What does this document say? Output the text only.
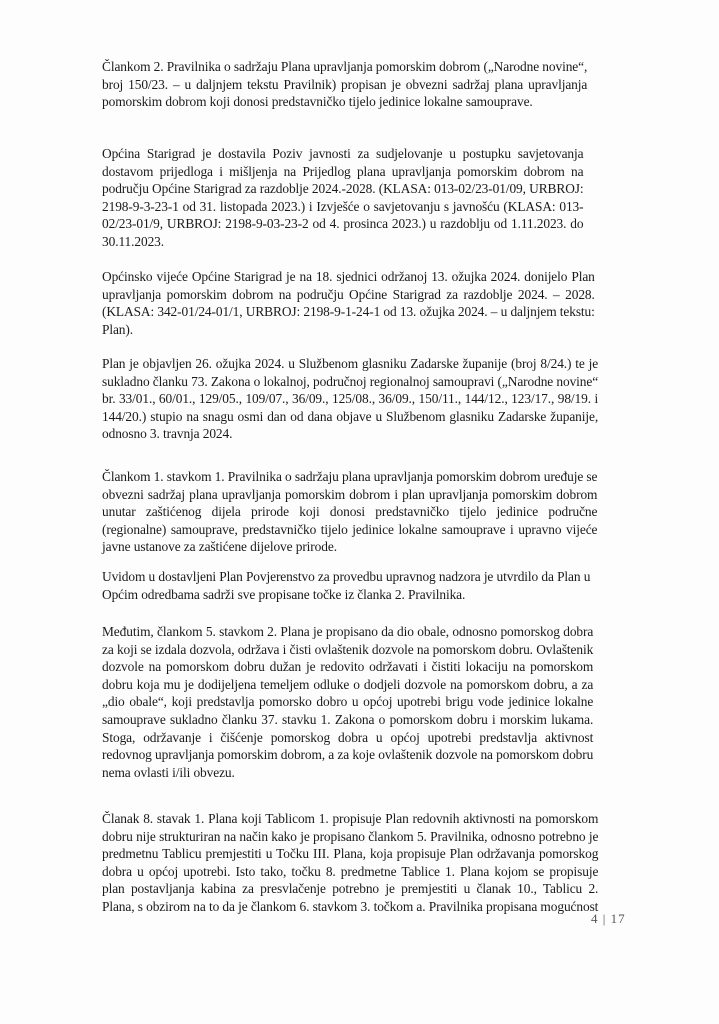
Člankom 2. Pravilnika o sadržaju Plana upravljanja pomorskim dobrom („Narodne novine“,
broj 150/23. – u daljnjem tekstu Pravilnik) propisan je obvezni sadržaj plana upravljanja
pomorskim dobrom koji donosi predstavničko tijelo jedinice lokalne samouprave.

Općina Starigrad je dostavila Poziv javnosti za sudjelovanje u postupku savjetovanja
dostavom prijedloga i mišljenja na Prijedlog plana upravljanja pomorskim dobrom na
području Općine Starigrad za razdoblje 2024.-2028. (KLASA: 013-02/23-01/09, URBROJ:
2198-9-3-23-1 od 31. listopada 2023.) i Izvješće o savjetovanju s javnošću (KLASA: 013-
02/23-01/9, URBROJ: 2198-9-03-23-2 od 4. prosinca 2023.) u razdoblju od 1.11.2023. do
30.11.2023.

Općinsko vijeće Općine Starigrad je na 18. sjednici održanoj 13. ožujka 2024. donijelo Plan
upravljanja pomorskim dobrom na području Općine Starigrad za razdoblje 2024. – 2028.
(KLASA: 342-01/24-01/1, URBROJ: 2198-9-1-24-1 od 13. ožujka 2024. – u daljnjem tekstu:
Plan).

Plan je objavljen 26. ožujka 2024. u Službenom glasniku Zadarske županije (broj 8/24.) te je
sukladno članku 73. Zakona o lokalnoj, područnoj regionalnoj samoupravi („Narodne novine“
br. 33/01., 60/01., 129/05., 109/07., 36/09., 125/08., 36/09., 150/11., 144/12., 123/17., 98/19. i
144/20.) stupio na snagu osmi dan od dana objave u Službenom glasniku Zadarske županije,
odnosno 3. travnja 2024.

Člankom 1. stavkom 1. Pravilnika o sadržaju plana upravljanja pomorskim dobrom uređuje se
obvezni sadržaj plana upravljanja pomorskim dobrom i plan upravljanja pomorskim dobrom
unutar zaštićenog dijela prirode koji donosi predstavničko tijelo jedinice područne
(regionalne) samouprave, predstavničko tijelo jedinice lokalne samouprave i upravno vijeće
javne ustanove za zaštićene dijelove prirode.

Uvidom u dostavljeni Plan Povjerenstvo za provedbu upravnog nadzora je utvrdilo da Plan u
Općim odredbama sadrži sve propisane točke iz članka 2. Pravilnika.

Međutim, člankom 5. stavkom 2. Plana je propisano da dio obale, odnosno pomorskog dobra
za koji se izdala dozvola, održava i čisti ovlaštenik dozvole na pomorskom dobru. Ovlaštenik
dozvole na pomorskom dobru dužan je redovito održavati i čistiti lokaciju na pomorskom
dobru koja mu je dodijeljena temeljem odluke o dodjeli dozvole na pomorskom dobru, a za
„dio obale“, koji predstavlja pomorsko dobro u općoj upotrebi brigu vode jedinice lokalne
samouprave sukladno članku 37. stavku 1. Zakona o pomorskom dobru i morskim lukama.
Stoga, održavanje i čišćenje pomorskog dobra u općoj upotrebi predstavlja aktivnost
redovnog upravljanja pomorskim dobrom, a za koje ovlaštenik dozvole na pomorskom dobru
nema ovlasti i/ili obvezu.

Članak 8. stavak 1. Plana koji Tablicom 1. propisuje Plan redovnih aktivnosti na pomorskom
dobru nije strukturiran na način kako je propisano člankom 5. Pravilnika, odnosno potrebno je
predmetnu Tablicu premjestiti u Točku III. Plana, koja propisuje Plan održavanja pomorskog
dobra u općoj upotrebi. Isto tako, točku 8. predmetne Tablice 1. Plana kojom se propisuje
plan postavljanja kabina za presvlačenje potrebno je premjestiti u članak 10., Tablicu 2.
Plana, s obzirom na to da je člankom 6. stavkom 3. točkom a. Pravilnika propisana mogućnost

4 | 17
